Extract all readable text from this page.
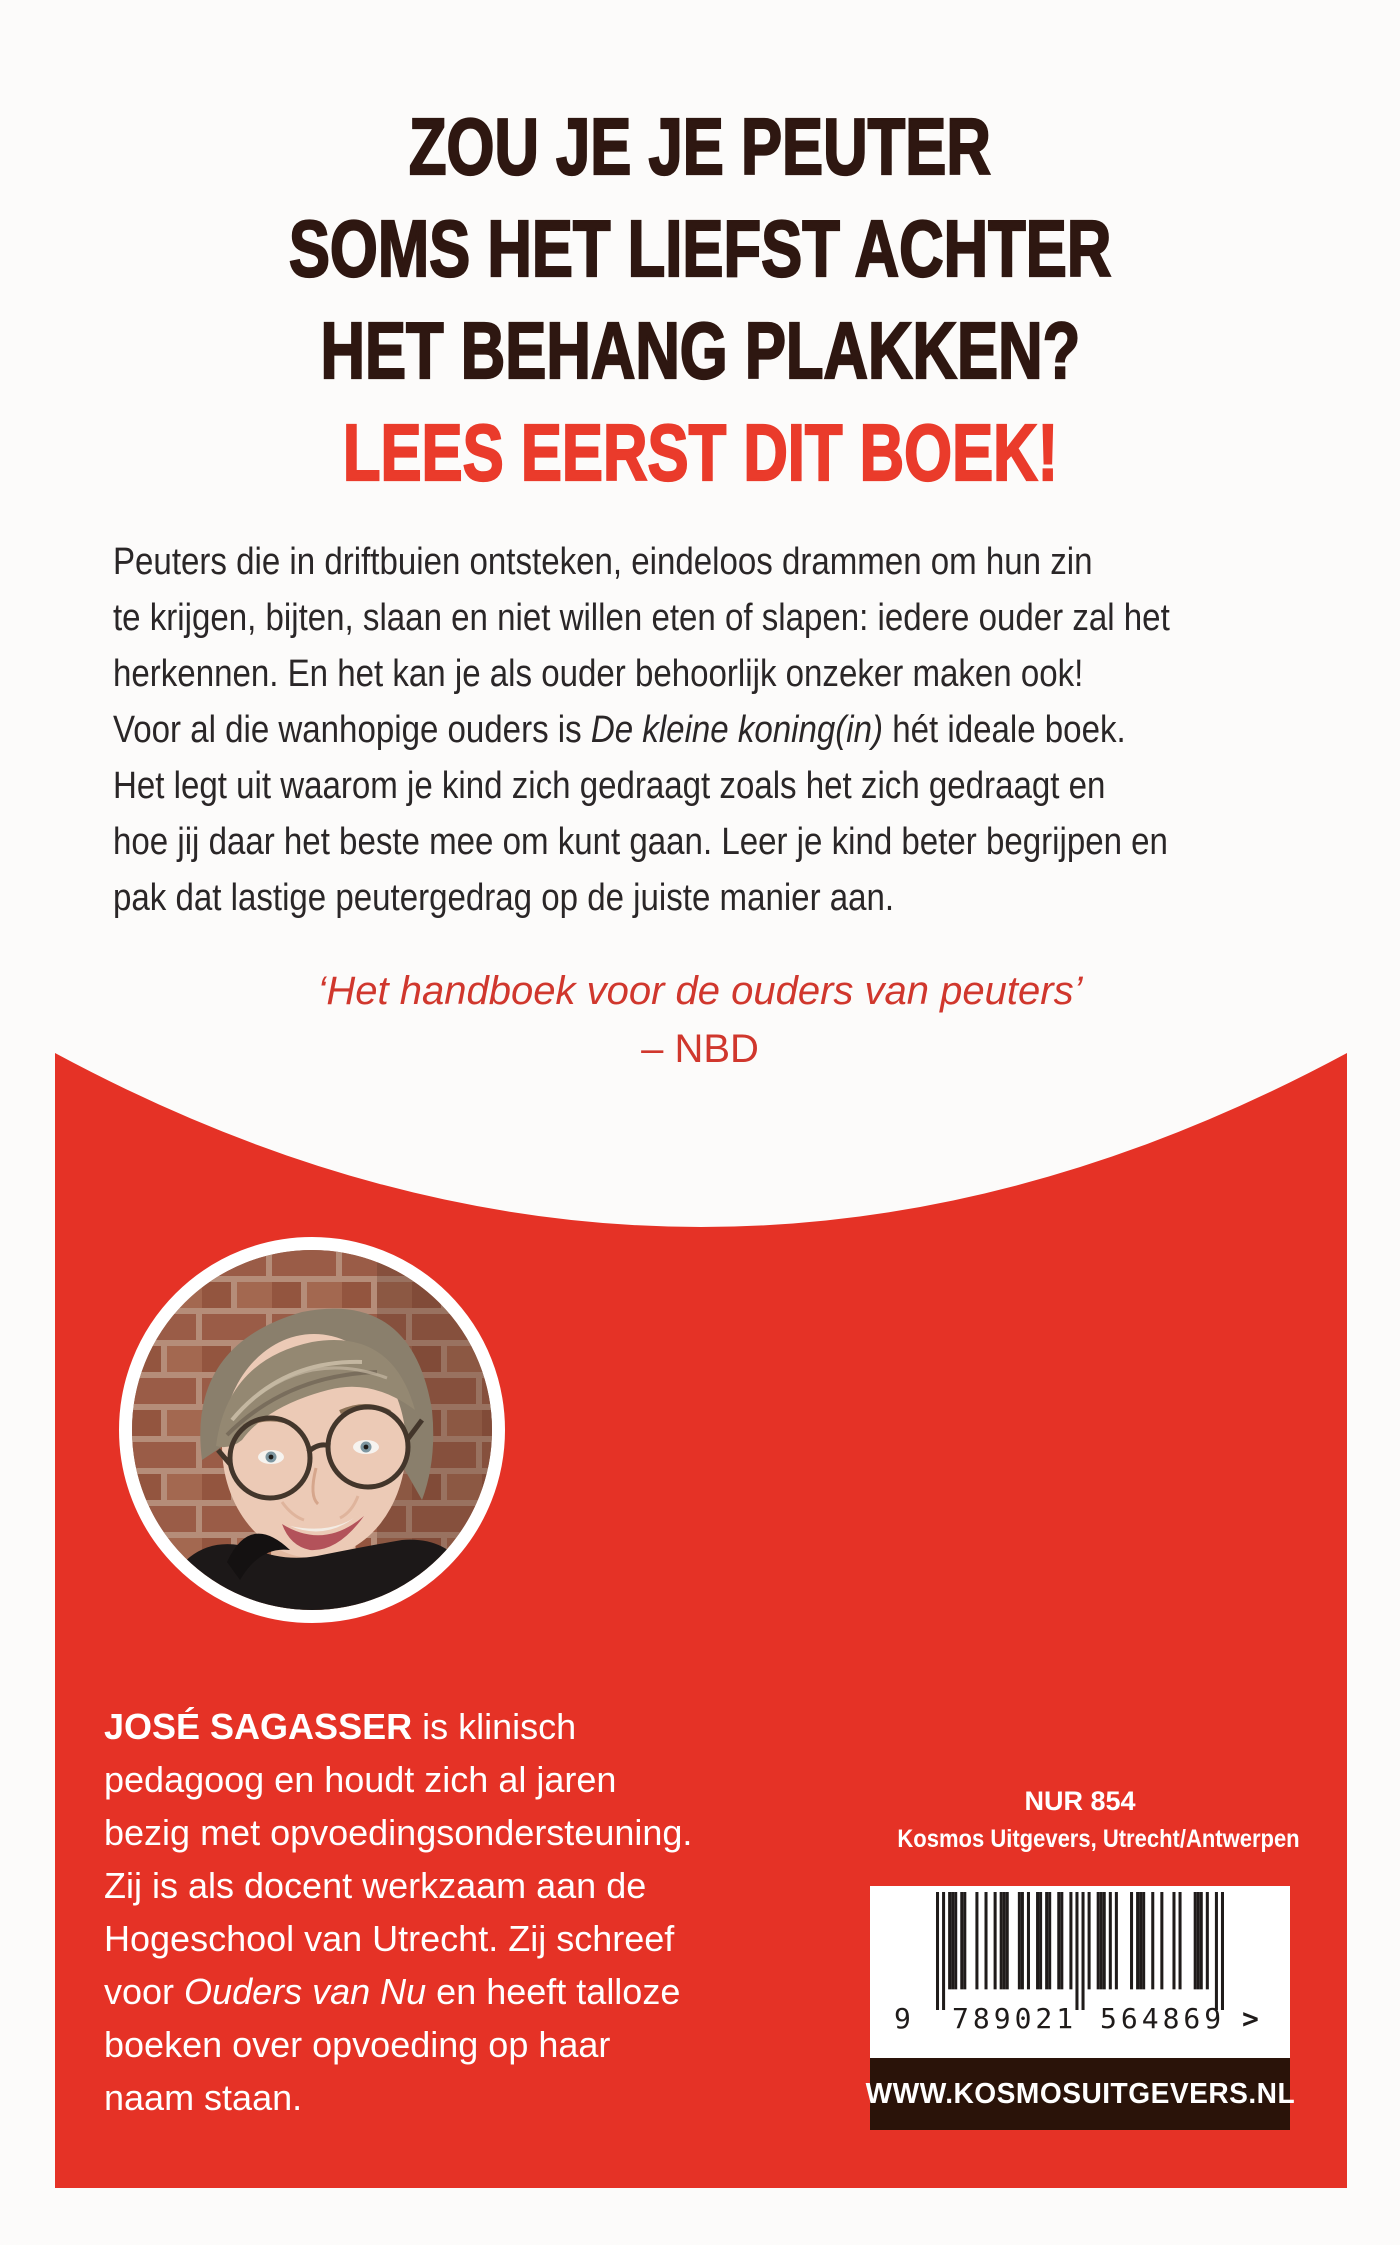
ZOU JE JE PEUTER
SOMS HET LIEFST ACHTER
HET BEHANG PLAKKEN?
LEES EERST DIT BOEK!
Peuters die in driftbuien ontsteken, eindeloos drammen om hun zin
te krijgen, bijten, slaan en niet willen eten of slapen: iedere ouder zal het
herkennen. En het kan je als ouder behoorlijk onzeker maken ook!
Voor al die wanhopige ouders is De kleine koning(in) hét ideale boek.
Het legt uit waarom je kind zich gedraagt zoals het zich gedraagt en
hoe jij daar het beste mee om kunt gaan. Leer je kind beter begrijpen en
pak dat lastige peutergedrag op de juiste manier aan.
‘Het handboek voor de ouders van peuters’
– NBD
JOSÉ SAGASSER is klinisch
pedagoog en houdt zich al jaren
bezig met opvoedingsondersteuning.
Zij is als docent werkzaam aan de
Hogeschool van Utrecht. Zij schreef
voor Ouders van Nu en heeft talloze
boeken over opvoeding op haar
naam staan.
NUR 854
Kosmos Uitgevers, Utrecht/Antwerpen
9 789021 564869 >
WWW.KOSMOSUITGEVERS.NL
